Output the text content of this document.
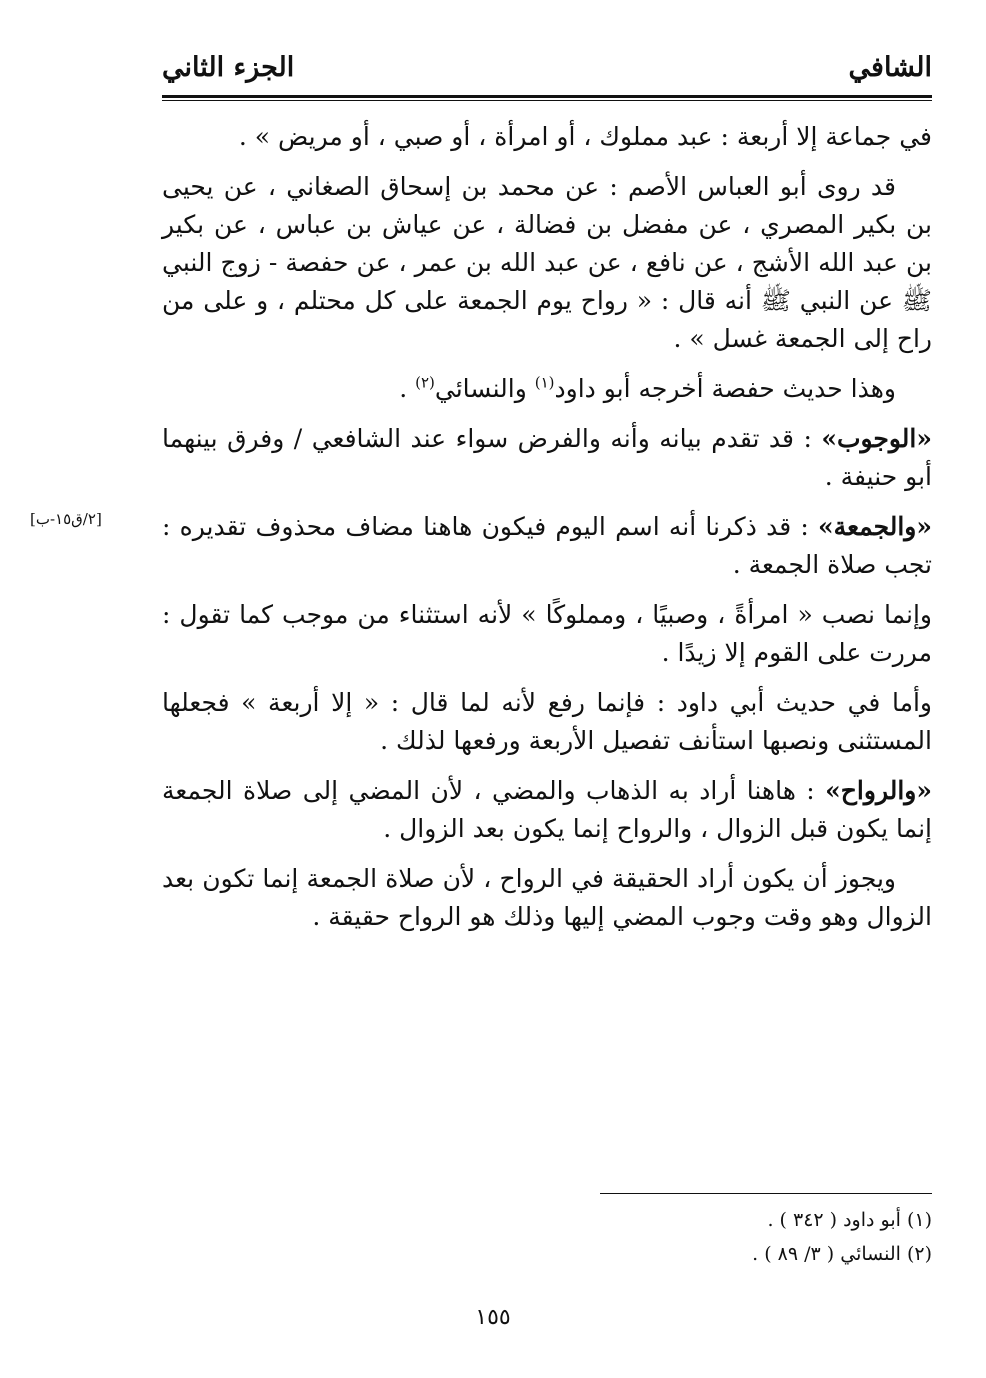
الشافي
الجزء الثاني

في جماعة إلا أربعة : عبد مملوك ، أو امرأة ، أو صبي ، أو مريض » .

قد روى أبو العباس الأصم : عن محمد بن إسحاق الصغاني ، عن يحيى بن بكير المصري ، عن مفضل بن فضالة ، عن عياش بن عباس ، عن بكير بن عبد الله الأشج ، عن نافع ، عن عبد الله بن عمر ، عن حفصة - زوج النبي ﷺ عن النبي ﷺ أنه قال : « رواح يوم الجمعة على كل محتلم ، و على من راح إلى الجمعة غسل » .

وهذا حديث حفصة أخرجه أبو داود$^{(١)}$ والنسائي$^{(٢)}$ .

«الوجوب» : قد تقدم بيانه وأنه والفرض سواء عند الشافعي / وفرق بينهما أبو حنيفة .

«والجمعة» : قد ذكرنا أنه اسم اليوم فيكون هاهنا مضاف محذوف تقديره : تجب صلاة الجمعة .

وإنما نصب « امرأةً ، وصبيًا ، ومملوكًا » لأنه استثناء من موجب كما تقول : مررت على القوم إلا زيدًا .

وأما في حديث أبي داود : فإنما رفع لأنه لما قال : « إلا أربعة » فجعلها المستثنى ونصبها استأنف تفصيل الأربعة ورفعها لذلك .

«والرواح» : هاهنا أراد به الذهاب والمضي ، لأن المضي إلى صلاة الجمعة إنما يكون قبل الزوال ، والرواح إنما يكون بعد الزوال .

ويجوز أن يكون أراد الحقيقة في الرواح ، لأن صلاة الجمعة إنما تكون بعد الزوال وهو وقت وجوب المضي إليها وذلك هو الرواح حقيقة .

[٢/ق١٥-ب]
(١) أبو داود ( ٣٤٢ ) .
(٢) النسائي ( ٣/ ٨٩ ) .
١٥٥
